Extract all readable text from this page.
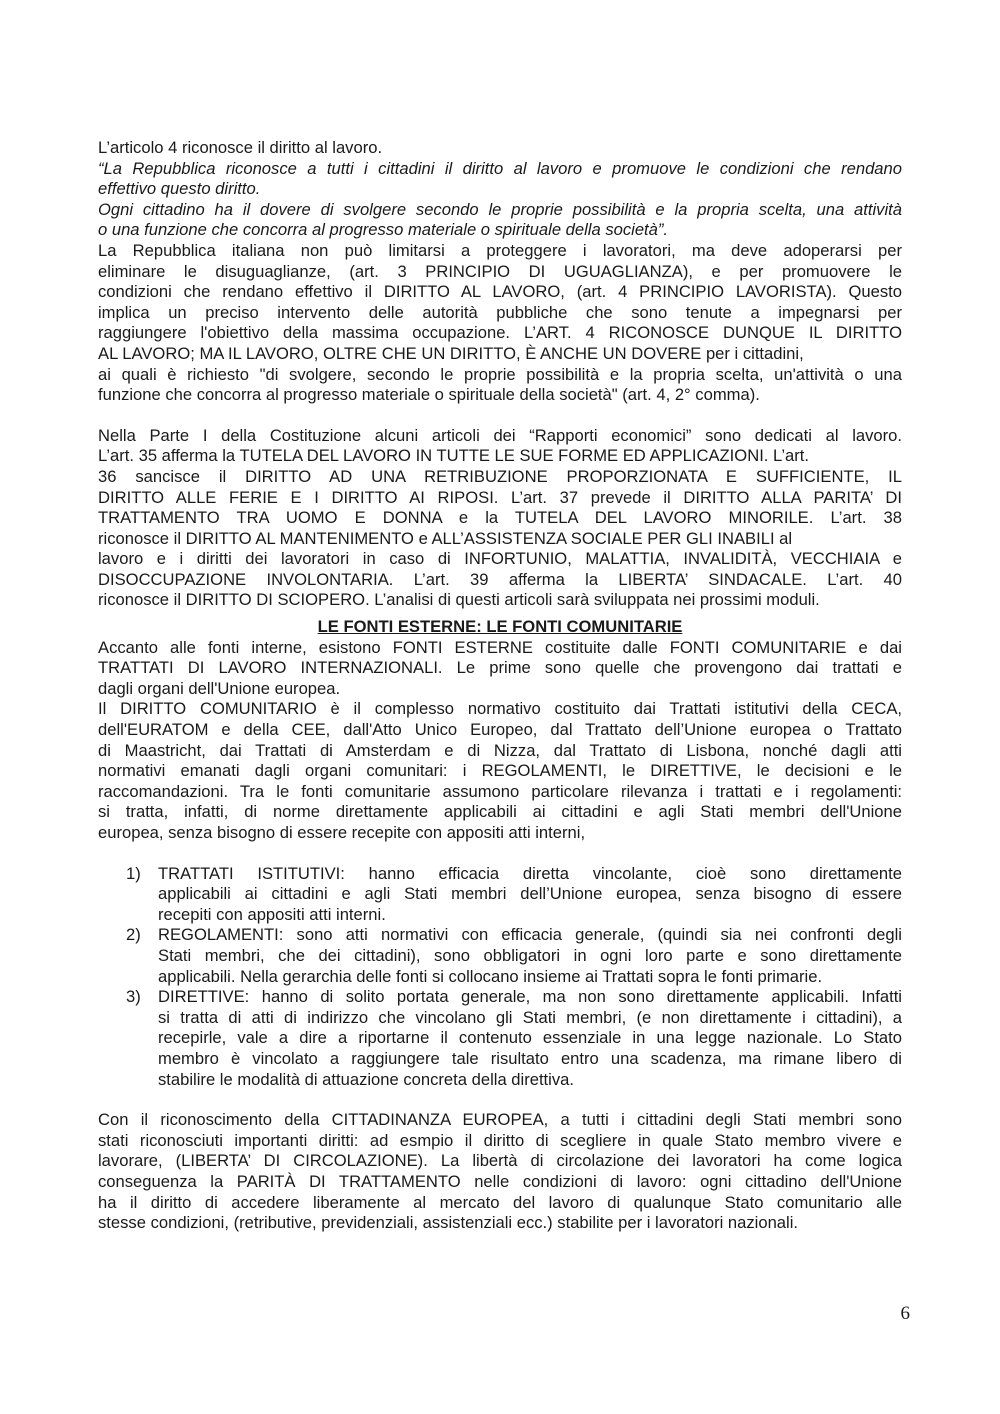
L’articolo 4 riconosce il diritto al lavoro.
“La Repubblica riconosce a tutti i cittadini il diritto al lavoro e promuove le condizioni che rendano
effettivo questo diritto.
Ogni cittadino ha il dovere di svolgere secondo le proprie possibilità e la propria scelta, una attività
o una funzione che concorra al progresso materiale o spirituale della società”.
La Repubblica italiana non può limitarsi a proteggere i lavoratori, ma deve adoperarsi per
eliminare le disuguaglianze, (art. 3 PRINCIPIO DI UGUAGLIANZA), e per promuovere le
condizioni che rendano effettivo il DIRITTO AL LAVORO, (art. 4 PRINCIPIO LAVORISTA). Questo
implica un preciso intervento delle autorità pubbliche che sono tenute a impegnarsi per
raggiungere l'obiettivo della massima occupazione. L’ART. 4 RICONOSCE DUNQUE IL DIRITTO
AL LAVORO; MA IL LAVORO, OLTRE CHE UN DIRITTO, È ANCHE UN DOVERE per i cittadini,
ai quali è richiesto "di svolgere, secondo le proprie possibilità e la propria scelta, un'attività o una
funzione che concorra al progresso materiale o spirituale della società" (art. 4, 2° comma).
Nella Parte I della Costituzione alcuni articoli dei “Rapporti economici” sono dedicati al lavoro.
L’art. 35 afferma la TUTELA DEL LAVORO IN TUTTE LE SUE FORME ED APPLICAZIONI. L’art.
36 sancisce il DIRITTO AD UNA RETRIBUZIONE PROPORZIONATA E SUFFICIENTE, IL
DIRITTO ALLE FERIE E I DIRITTO AI RIPOSI. L’art. 37 prevede il DIRITTO ALLA PARITA’ DI
TRATTAMENTO TRA UOMO E DONNA e la TUTELA DEL LAVORO MINORILE. L’art. 38
riconosce il DIRITTO AL MANTENIMENTO e ALL’ASSISTENZA SOCIALE PER GLI INABILI al
lavoro e i diritti dei lavoratori in caso di INFORTUNIO, MALATTIA, INVALIDITÀ, VECCHIAIA e
DISOCCUPAZIONE INVOLONTARIA. L’art. 39 afferma la LIBERTA’ SINDACALE. L’art. 40
riconosce il DIRITTO DI SCIOPERO. L’analisi di questi articoli sarà sviluppata nei prossimi moduli.
LE FONTI ESTERNE: LE FONTI COMUNITARIE
Accanto alle fonti interne, esistono FONTI ESTERNE costituite dalle FONTI COMUNITARIE e dai
TRATTATI DI LAVORO INTERNAZIONALI. Le prime sono quelle che provengono dai trattati e
dagli organi dell'Unione europea.
Il DIRITTO COMUNITARIO è il complesso normativo costituito dai Trattati istitutivi della CECA,
dell'EURATOM e della CEE, dall'Atto Unico Europeo, dal Trattato dell’Unione europea o Trattato
di Maastricht, dai Trattati di Amsterdam e di Nizza, dal Trattato di Lisbona, nonché dagli atti
normativi emanati dagli organi comunitari: i REGOLAMENTI, le DIRETTIVE, le decisioni e le
raccomandazioni. Tra le fonti comunitarie assumono particolare rilevanza i trattati e i regolamenti:
si tratta, infatti, di norme direttamente applicabili ai cittadini e agli Stati membri dell'Unione
europea, senza bisogno di essere recepite con appositi atti interni,
1) TRATTATI ISTITUTIVI: hanno efficacia diretta vincolante, cioè sono direttamente
applicabili ai cittadini e agli Stati membri dell’Unione europea, senza bisogno di essere
recepiti con appositi atti interni.
2) REGOLAMENTI: sono atti normativi con efficacia generale, (quindi sia nei confronti degli
Stati membri, che dei cittadini), sono obbligatori in ogni loro parte e sono direttamente
applicabili. Nella gerarchia delle fonti si collocano insieme ai Trattati sopra le fonti primarie.
3) DIRETTIVE: hanno di solito portata generale, ma non sono direttamente applicabili. Infatti
si tratta di atti di indirizzo che vincolano gli Stati membri, (e non direttamente i cittadini), a
recepirle, vale a dire a riportarne il contenuto essenziale in una legge nazionale. Lo Stato
membro è vincolato a raggiungere tale risultato entro una scadenza, ma rimane libero di
stabilire le modalità di attuazione concreta della direttiva.
Con il riconoscimento della CITTADINANZA EUROPEA, a tutti i cittadini degli Stati membri sono
stati riconosciuti importanti diritti: ad esmpio il diritto di scegliere in quale Stato membro vivere e
lavorare, (LIBERTA’ DI CIRCOLAZIONE). La libertà di circolazione dei lavoratori ha come logica
conseguenza la PARITÀ DI TRATTAMENTO nelle condizioni di lavoro: ogni cittadino dell'Unione
ha il diritto di accedere liberamente al mercato del lavoro di qualunque Stato comunitario alle
stesse condizioni, (retributive, previdenziali, assistenziali ecc.) stabilite per i lavoratori nazionali.
6
